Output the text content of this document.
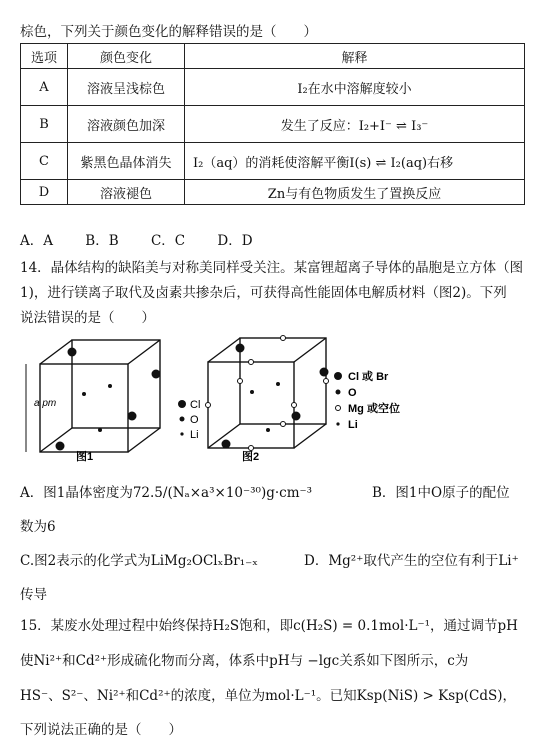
棕色，下列关于颜色变化的解释错误的是（　　）
选项	颜色变化	解释
A	溶液呈浅棕色	I₂在水中溶解度较小
B	溶液颜色加深	发生了反应：I₂+I⁻ ⇌ I₃⁻
C	紫黑色晶体消失	I₂（aq）的消耗使溶解平衡I(s) ⇌ I₂(aq)右移
D	溶液褪色	Zn与有色物质发生了置换反应
A．A B．B C．C D．D
14．晶体结构的缺陷美与对称美同样受关注。某富锂超离子导体的晶胞是立方体（图
1)，进行镁离子取代及卤素共掺杂后，可获得高性能固体电解质材料（图2)。下列
说法错误的是（　　）
a pm	Cl
O
Li
图1
Cl 或 Br
O
Mg 或空位
Li
图2
A．图1晶体密度为72.5/(Nₐ×a³×10⁻³⁰)g·cm⁻³	B．图1中O原子的配位
数为6
C.图2表示的化学式为LiMg₂OClₓBr₁₋ₓ	D．Mg²⁺取代产生的空位有利于Li⁺
传导
15．某废水处理过程中始终保持H₂S饱和，即c(H₂S) = 0.1mol·L⁻¹，通过调节pH
使Ni²⁺和Cd²⁺形成硫化物而分离，体系中pH与 −lgc关系如下图所示，c为
HS⁻、S²⁻、Ni²⁺和Cd²⁺的浓度，单位为mol·L⁻¹。已知Ksp(NiS) > Ksp(CdS)，
下列说法正确的是（　　）
